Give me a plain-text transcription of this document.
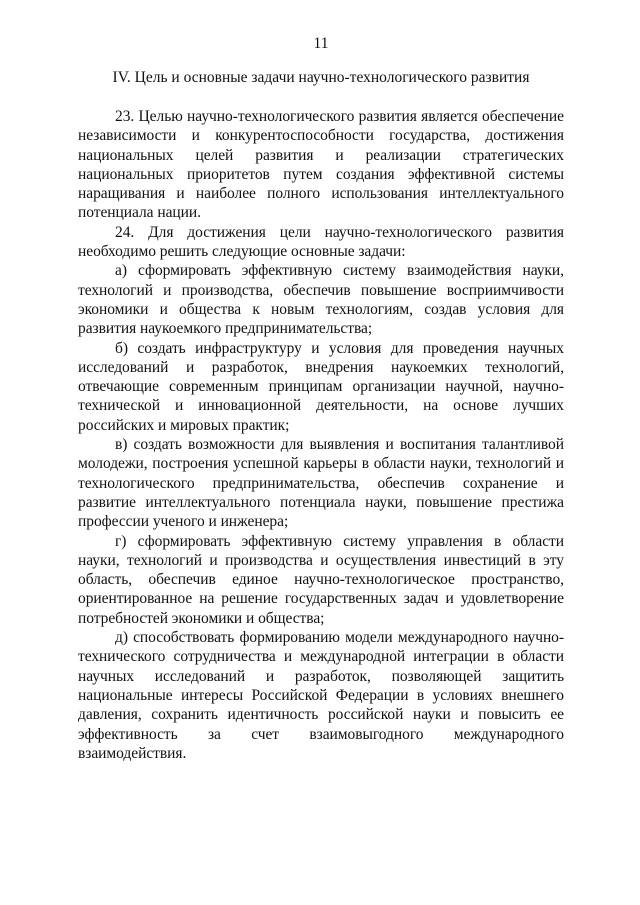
11
IV. Цель и основные задачи научно-технологического развития

23. Целью научно-технологического развития является обеспечение независимости и конкурентоспособности государства, достижения национальных целей развития и реализации стратегических национальных приоритетов путем создания эффективной системы наращивания и наиболее полного использования интеллектуального потенциала нации.

24. Для достижения цели научно-технологического развития необходимо решить следующие основные задачи:

а) сформировать эффективную систему взаимодействия науки, технологий и производства, обеспечив повышение восприимчивости экономики и общества к новым технологиям, создав условия для развития наукоемкого предпринимательства;

б) создать инфраструктуру и условия для проведения научных исследований и разработок, внедрения наукоемких технологий, отвечающие современным принципам организации научной, научно-технической и инновационной деятельности, на основе лучших российских и мировых практик;

в) создать возможности для выявления и воспитания талантливой молодежи, построения успешной карьеры в области науки, технологий и технологического предпринимательства, обеспечив сохранение и развитие интеллектуального потенциала науки, повышение престижа профессии ученого и инженера;

г) сформировать эффективную систему управления в области науки, технологий и производства и осуществления инвестиций в эту область, обеспечив единое научно-технологическое пространство, ориентированное на решение государственных задач и удовлетворение потребностей экономики и общества;

д) способствовать формированию модели международного научно-технического сотрудничества и международной интеграции в области научных исследований и разработок, позволяющей защитить национальные интересы Российской Федерации в условиях внешнего давления, сохранить идентичность российской науки и повысить ее эффективность за счет взаимовыгодного международного взаимодействия.
